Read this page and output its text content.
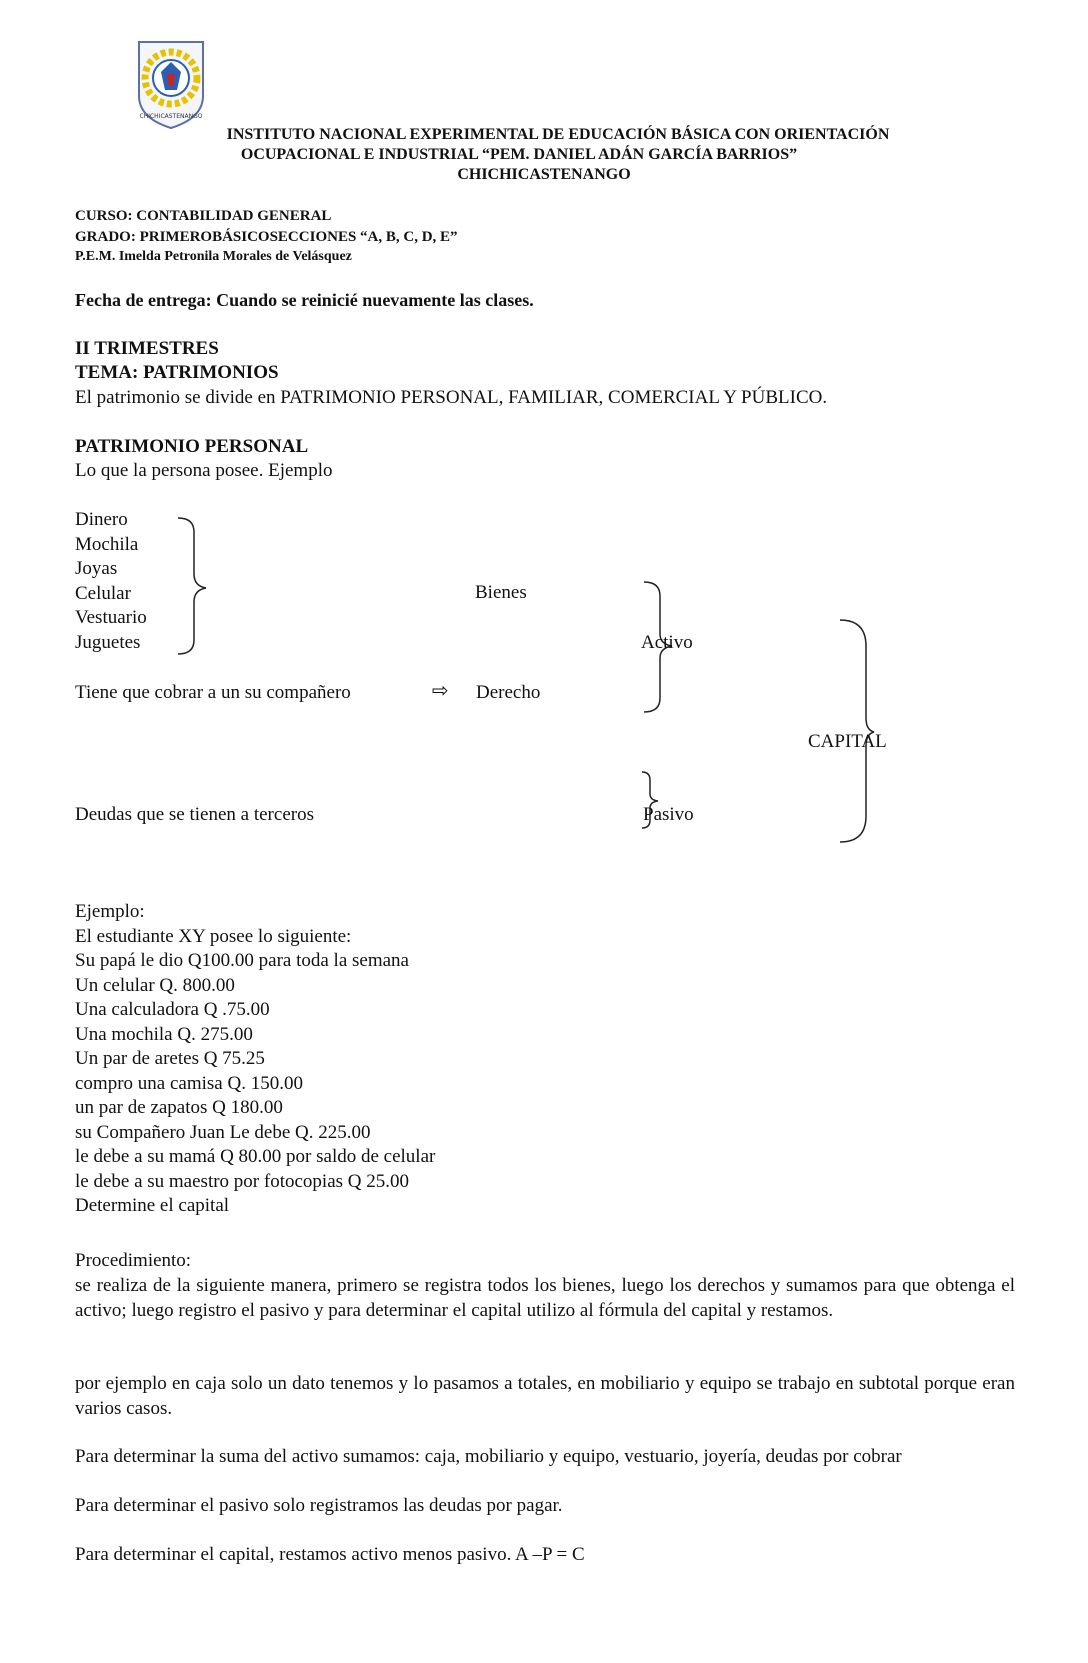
CHICHICASTENANGO
INSTITUTO NACIONAL EXPERIMENTAL DE EDUCACIÓN BÁSICA CON ORIENTACIÓN
OCUPACIONAL E INDUSTRIAL “PEM. DANIEL ADÁN GARCÍA BARRIOS”
CHICHICASTENANGO
CURSO: CONTABILIDAD GENERAL
GRADO: PRIMEROBÁSICOSECCIONES “A, B, C, D, E”
P.E.M. Imelda Petronila Morales de Velásquez
Fecha de entrega: Cuando se reinicié nuevamente las clases.
II TRIMESTRES
TEMA: PATRIMONIOS
El patrimonio se divide en PATRIMONIO PERSONAL, FAMILIAR, COMERCIAL Y PÚBLICO.
PATRIMONIO PERSONAL
Lo que la persona posee. Ejemplo
Dinero
Mochila
Joyas
Celular
Vestuario
Juguetes
Bienes
Activo
Tiene que cobrar a un su compañero	⇨ Derecho
CAPITAL
Deudas que se tienen a terceros	Pasivo
Ejemplo:
El estudiante XY posee lo siguiente:
Su papá le dio Q100.00 para toda la semana
Un celular Q. 800.00
Una calculadora Q .75.00
Una mochila Q. 275.00
Un par de aretes Q 75.25
compro una camisa Q. 150.00
un par de zapatos Q 180.00
su Compañero Juan Le debe Q. 225.00
le debe a su mamá Q 80.00 por saldo de celular
le debe a su maestro por fotocopias Q 25.00
Determine el capital
Procedimiento:
se realiza de la siguiente manera, primero se registra todos los bienes, luego los derechos y sumamos para que obtenga el activo; luego registro el pasivo y para determinar el capital utilizo al fórmula del capital y restamos.
por ejemplo en caja solo un dato tenemos y lo pasamos a totales, en mobiliario y equipo se trabajo en subtotal porque eran varios casos.
Para determinar la suma del activo sumamos: caja, mobiliario y equipo, vestuario, joyería, deudas por cobrar
Para determinar el pasivo solo registramos las deudas por pagar.
Para determinar el capital, restamos activo menos pasivo. A –P = C
